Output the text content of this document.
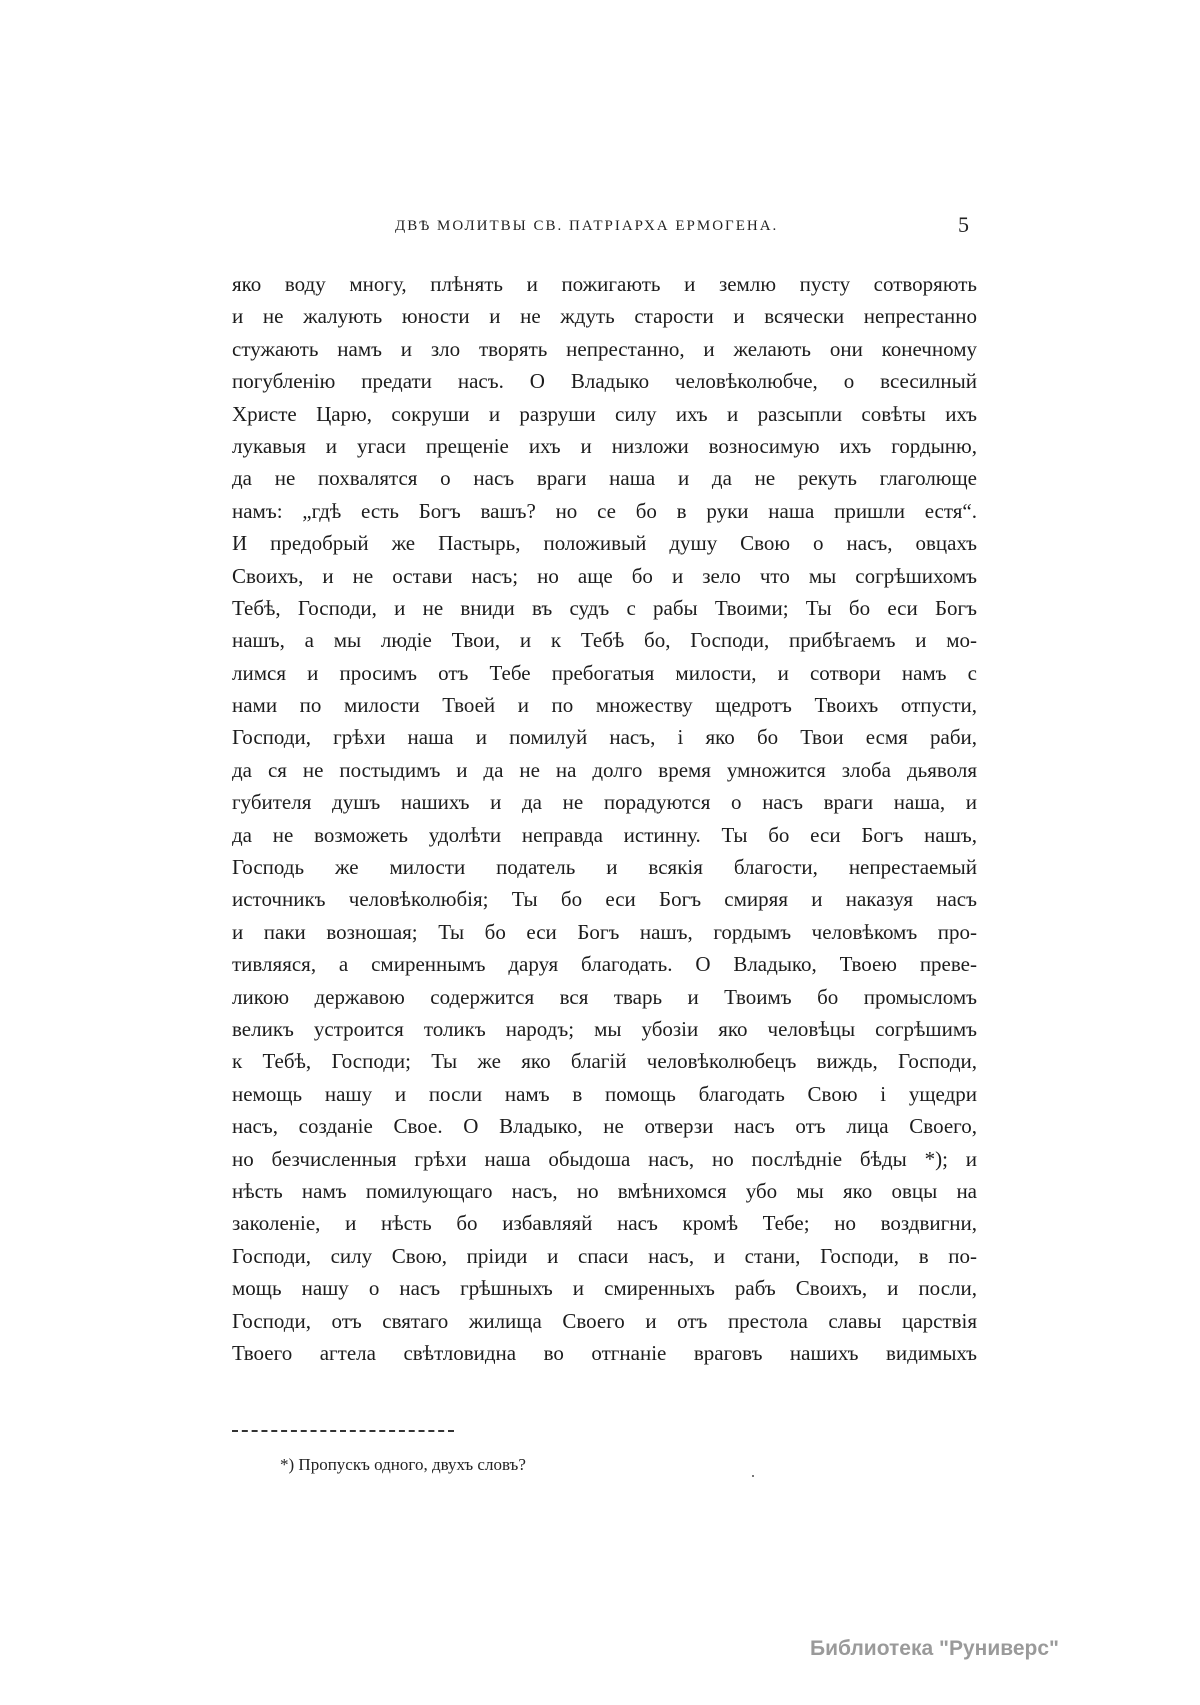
ДВѢ МОЛИТВЫ СВ. ПАТРІАРХА ЕРМОГЕНА.	5
яко воду многу, плѣнять и пожигають и землю пусту сотворяють
и не жалують юности и не ждуть старости и всячески непрестанно
стужають намъ и зло творять непрестанно, и желають они конечному
погубленію предати насъ. О Владыко человѣколюбче, о всесилный
Христе Царю, сокруши и разруши силу ихъ и разсыпли совѣты ихъ
лукавыя и угаси прещеніе ихъ и низложи возносимую ихъ гордыню,
да не похвалятся о насъ враги наша и да не рекуть глаголюще
намъ: „гдѣ есть Богъ вашъ? но се бо в руки наша пришли естя“.
И предобрый же Пастырь, положивый душу Свою о насъ, овцахъ
Своихъ, и не остави насъ; но аще бо и зело что мы согрѣшихомъ
Тебѣ, Господи, и не вниди въ судъ с рабы Твоими; Ты бо еси Богъ
нашъ, а мы людіе Твои, и к Тебѣ бо, Господи, прибѣгаемъ и мо-
лимся и просимъ отъ Тебе пребогатыя милости, и сотвори намъ с
нами по милости Твоей и по множеству щедротъ Твоихъ отпусти,
Господи, грѣхи наша и помилуй насъ, і яко бо Твои есмя раби,
да ся не постыдимъ и да не на долго время умножится злоба дьяволя
губителя душъ нашихъ и да не порадуются о насъ враги наша, и
да не возможеть удолѣти неправда истинну. Ты бо еси Богъ нашъ,
Господь же милости податель и всякія благости, непрестаемый
источникъ человѣколюбія; Ты бо еси Богъ смиряя и наказуя насъ
и паки возношая; Ты бо еси Богъ нашъ, гордымъ человѣкомъ про-
тивляяся, а смиреннымъ даруя благодать. О Владыко, Твоею преве-
ликою державою содержится вся тварь и Твоимъ бо промысломъ
великъ устроится толикъ народъ; мы убозіи яко человѣцы согрѣшимъ
к Тебѣ, Господи; Ты же яко благій человѣколюбецъ виждь, Господи,
немощь нашу и посли намъ в помощь благодать Свою і ущедри
насъ, созданіе Свое. О Владыко, не отверзи насъ отъ лица Своего,
но безчисленныя грѣхи наша обыдоша насъ, но послѣдніе бѣды *); и
нѣсть намъ помилующаго насъ, но вмѣнихомся убо мы яко овцы на
заколеніе, и нѣсть бо избавляяй насъ кромѣ Тебе; но воздвигни,
Господи, силу Свою, пріиди и спаси насъ, и стани, Господи, в по-
мощь нашу о насъ грѣшныхъ и смиренныхъ рабъ Своихъ, и посли,
Господи, отъ святаго жилища Своего и отъ престола славы царствія
Твоего агтела свѣтловидна во отгнаніе враговъ нашихъ видимыхъ
*) Пропускъ одного, двухъ словъ?
Библиотека "Руниверс"
